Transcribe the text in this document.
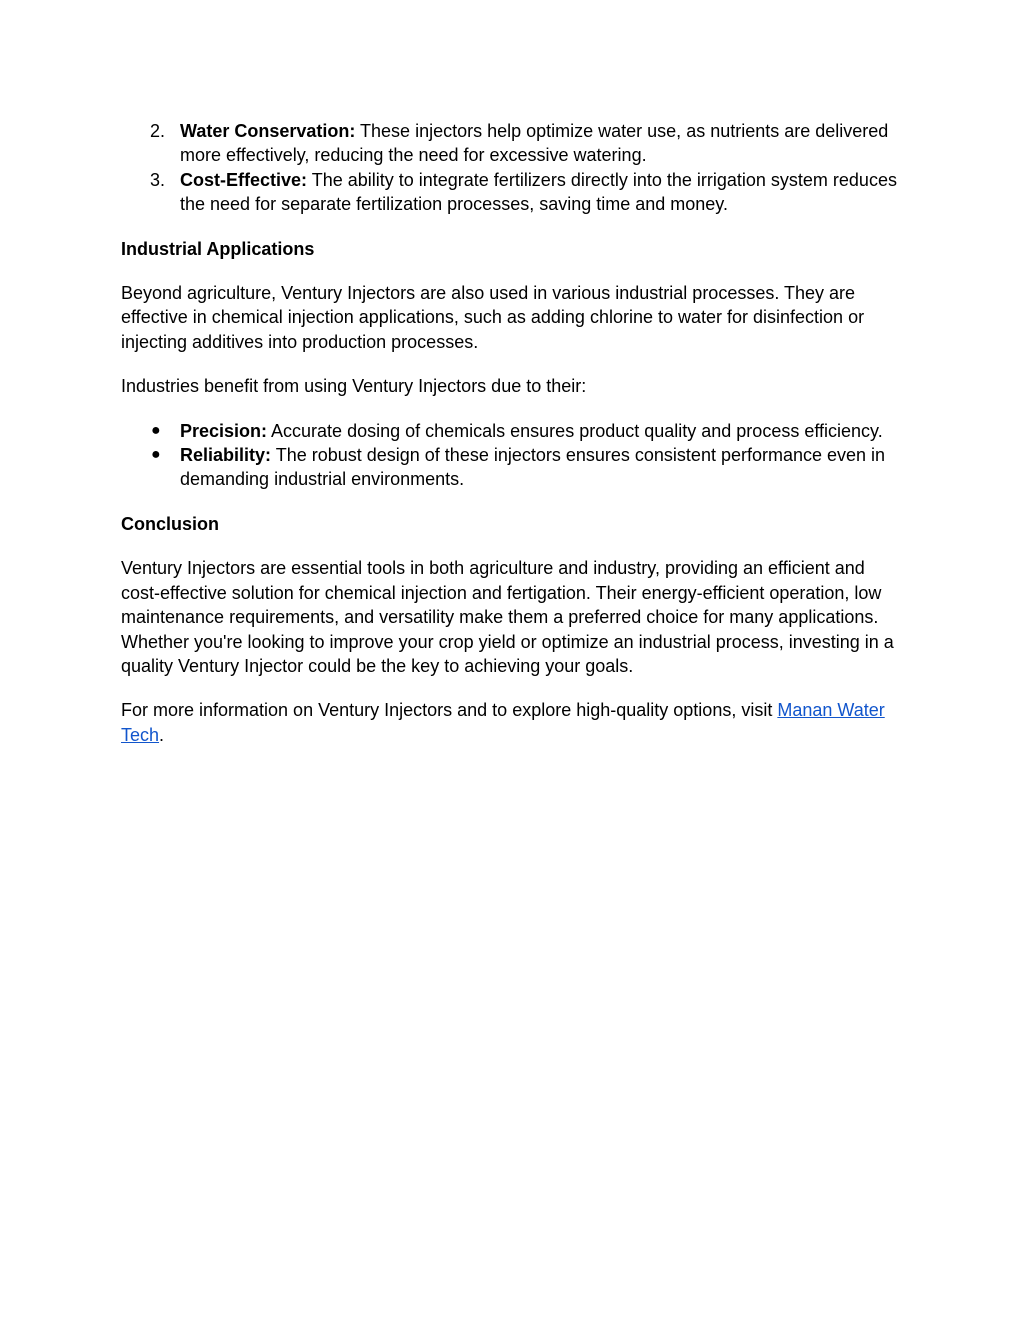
2. Water Conservation: These injectors help optimize water use, as nutrients are delivered more effectively, reducing the need for excessive watering.
3. Cost-Effective: The ability to integrate fertilizers directly into the irrigation system reduces the need for separate fertilization processes, saving time and money.
Industrial Applications

Beyond agriculture, Ventury Injectors are also used in various industrial processes. They are effective in chemical injection applications, such as adding chlorine to water for disinfection or injecting additives into production processes.

Industries benefit from using Ventury Injectors due to their:

● Precision: Accurate dosing of chemicals ensures product quality and process efficiency.
● Reliability: The robust design of these injectors ensures consistent performance even in demanding industrial environments.
Conclusion

Ventury Injectors are essential tools in both agriculture and industry, providing an efficient and cost-effective solution for chemical injection and fertigation. Their energy-efficient operation, low maintenance requirements, and versatility make them a preferred choice for many applications. Whether you're looking to improve your crop yield or optimize an industrial process, investing in a quality Ventury Injector could be the key to achieving your goals.

For more information on Ventury Injectors and to explore high-quality options, visit Manan Water Tech.
